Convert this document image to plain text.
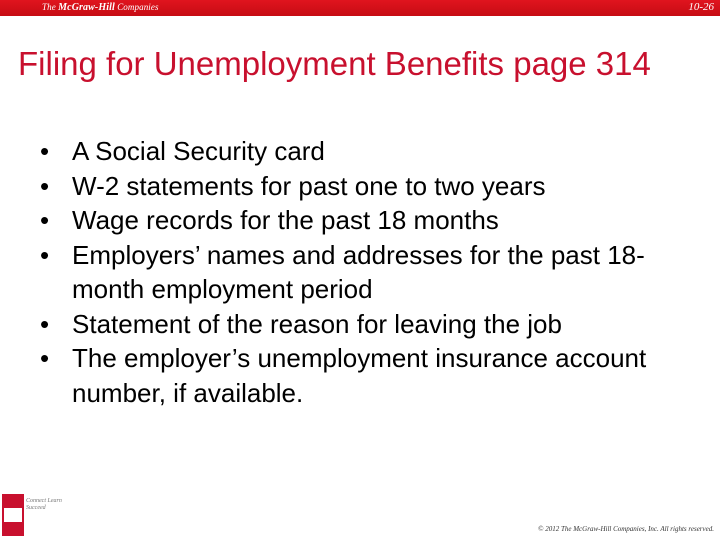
The McGraw-Hill Companies	10-26
Filing for Unemployment Benefits page 314
• A Social Security card
• W-2 statements for past one to two years
• Wage records for the past 18 months
• Employers’ names and addresses for the past 18-month employment period
• Statement of the reason for leaving the job
• The employer’s unemployment insurance account number, if available.
Connect Learn Succeed
© 2012 The McGraw-Hill Companies, Inc. All rights reserved.
